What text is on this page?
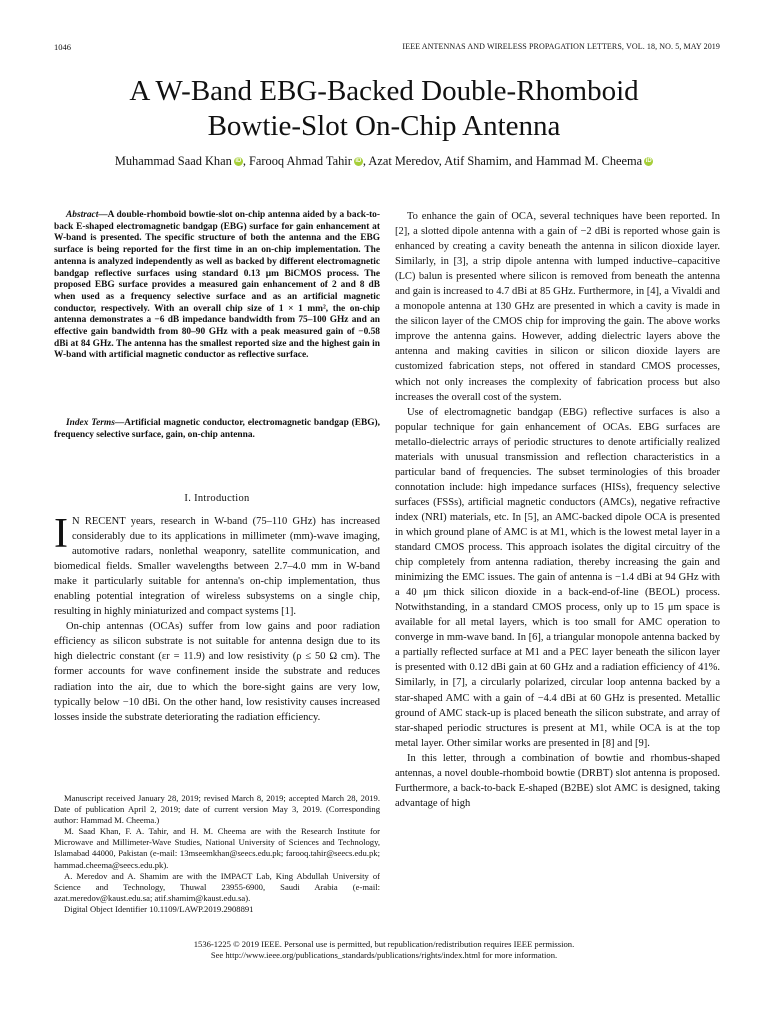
1046	IEEE ANTENNAS AND WIRELESS PROPAGATION LETTERS, VOL. 18, NO. 5, MAY 2019
A W-Band EBG-Backed Double-Rhomboid
Bowtie-Slot On-Chip Antenna
Muhammad Saad Khan iD , Farooq Ahmad Tahir iD , Azat Meredov, Atif Shamim, and Hammad M. Cheema iD

Abstract—A double-rhomboid bowtie-slot on-chip antenna aided by a back-to-back E-shaped electromagnetic bandgap (EBG) surface for gain enhancement at W-band is presented. The specific structure of both the antenna and the EBG surface is being reported for the first time in an on-chip implementation. The antenna is analyzed independently as well as backed by different electromagnetic bandgap reflective surfaces using standard 0.13 μm BiCMOS process. The proposed EBG surface provides a measured gain enhancement of 2 and 8 dB when used as a frequency selective surface and as an artificial magnetic conductor, respectively. With an overall chip size of 1 × 1 mm², the on-chip antenna demonstrates a −6 dB impedance bandwidth from 75–100 GHz and an effective gain bandwidth from 80–90 GHz with a peak measured gain of −0.58 dBi at 84 GHz. The antenna has the smallest reported size and the highest gain in W-band with artificial magnetic conductor as reflective surface.

Index Terms—Artificial magnetic conductor, electromagnetic bandgap (EBG), frequency selective surface, gain, on-chip antenna.

I. Introduction

I N RECENT years, research in W-band (75–110 GHz) has increased considerably due to its applications in millimeter (mm)-wave imaging, automotive radars, nonlethal weaponry, satellite communication, and biomedical fields. Smaller wavelengths between 2.7–4.0 mm in W-band make it particularly suitable for antenna's on-chip implementation, thus enabling potential integration of wireless subsystems on a single chip, resulting in highly miniaturized and compact systems [1].

On-chip antennas (OCAs) suffer from low gains and poor radiation efficiency as silicon substrate is not suitable for antenna design due to its high dielectric constant (εr = 11.9) and low resistivity (ρ ≤ 50 Ω cm). The former accounts for wave confinement inside the substrate and reduces radiation into the air, due to which the bore-sight gains are very low, typically below −10 dBi. On the other hand, low resistivity causes increased losses inside the substrate deteriorating the radiation efficiency.

Manuscript received January 28, 2019; revised March 8, 2019; accepted March 28, 2019. Date of publication April 2, 2019; date of current version May 3, 2019. (Corresponding author: Hammad M. Cheema.)

M. Saad Khan, F. A. Tahir, and H. M. Cheema are with the Research Institute for Microwave and Millimeter-Wave Studies, National University of Sciences and Technology, Islamabad 44000, Pakistan (e-mail: 13mseemkhan@seecs.edu.pk; farooq.tahir@seecs.edu.pk; hammad.cheema@seecs.edu.pk).

A. Meredov and A. Shamim are with the IMPACT Lab, King Abdullah University of Science and Technology, Thuwal 23955-6900, Saudi Arabia (e-mail: azat.meredov@kaust.edu.sa; atif.shamim@kaust.edu.sa).

Digital Object Identifier 10.1109/LAWP.2019.2908891

To enhance the gain of OCA, several techniques have been reported. In [2], a slotted dipole antenna with a gain of −2 dBi is reported whose gain is enhanced by creating a cavity beneath the antenna in silicon dioxide layer. Similarly, in [3], a strip dipole antenna with lumped inductive–capacitive (LC) balun is presented where silicon is removed from beneath the antenna and gain is increased to 4.7 dBi at 85 GHz. Furthermore, in [4], a Vivaldi and a monopole antenna at 130 GHz are presented in which a cavity is made in the silicon layer of the CMOS chip for improving the gain. The above works improve the antenna gains. However, adding dielectric layers above the antenna and making cavities in silicon or silicon dioxide layers are customized fabrication steps, not offered in standard CMOS processes, which not only increases the complexity of fabrication process but also increases the overall cost of the system.

Use of electromagnetic bandgap (EBG) reflective surfaces is also a popular technique for gain enhancement of OCAs. EBG surfaces are metallo-dielectric arrays of periodic structures to denote artificially realized materials with unusual transmission and reflection characteristics in a particular band of frequencies. The subset terminologies of this broader connotation include: high impedance surfaces (HISs), frequency selective surfaces (FSSs), artificial magnetic conductors (AMCs), negative refractive index (NRI) materials, etc. In [5], an AMC-backed dipole OCA is presented in which ground plane of AMC is at M1, which is the lowest metal layer in a standard CMOS process. This approach isolates the digital circuitry of the chip completely from antenna radiation, thereby increasing the gain and minimizing the EMC issues. The gain of antenna is −1.4 dBi at 94 GHz with a 40 μm thick silicon dioxide in a back-end-of-line (BEOL) process. Notwithstanding, in a standard CMOS process, only up to 15 μm space is available for all metal layers, which is too small for AMC operation to converge in mm-wave band. In [6], a triangular monopole antenna backed by a partially reflected surface at M1 and a PEC layer beneath the silicon layer is presented with 0.12 dBi gain at 60 GHz and a radiation efficiency of 41%. Similarly, in [7], a circularly polarized, circular loop antenna backed by a star-shaped AMC with a gain of −4.4 dBi at 60 GHz is presented. Metallic ground of AMC stack-up is placed beneath the silicon substrate, and array of star-shaped periodic structures is present at M1, while OCA is at the top metal layer. Other similar works are presented in [8] and [9].

In this letter, through a combination of bowtie and rhombus-shaped antennas, a novel double-rhomboid bowtie (DRBT) slot antenna is proposed. Furthermore, a back-to-back E-shaped (B2BE) slot AMC is designed, taking advantage of high

1536-1225 © 2019 IEEE. Personal use is permitted, but republication/redistribution requires IEEE permission.
See http://www.ieee.org/publications_standards/publications/rights/index.html for more information.
